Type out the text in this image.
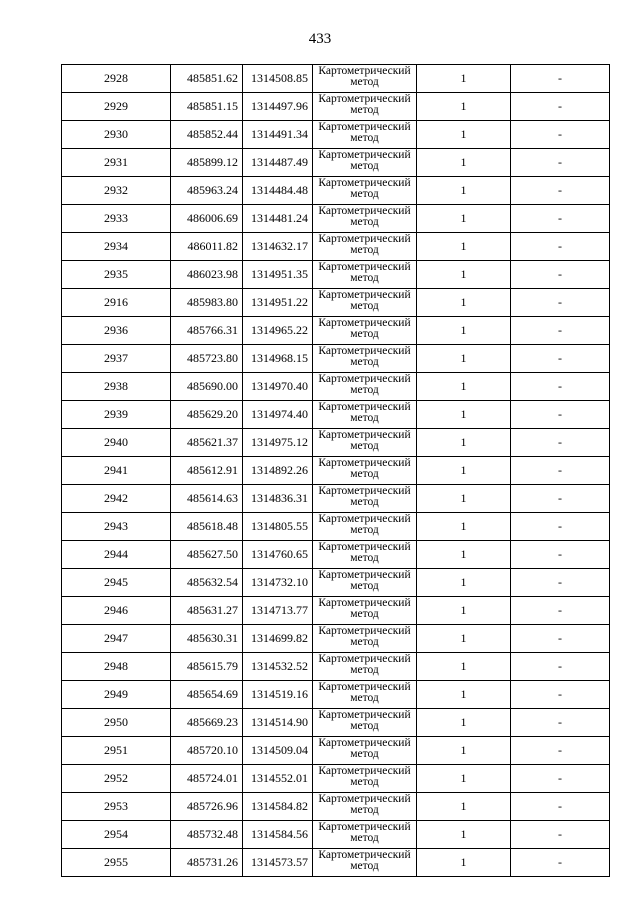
433
2928	485851.62	1314508.85	Картометрический метод	1	-
2929	485851.15	1314497.96	Картометрический метод	1	-
2930	485852.44	1314491.34	Картометрический метод	1	-
2931	485899.12	1314487.49	Картометрический метод	1	-
2932	485963.24	1314484.48	Картометрический метод	1	-
2933	486006.69	1314481.24	Картометрический метод	1	-
2934	486011.82	1314632.17	Картометрический метод	1	-
2935	486023.98	1314951.35	Картометрический метод	1	-
2916	485983.80	1314951.22	Картометрический метод	1	-
2936	485766.31	1314965.22	Картометрический метод	1	-
2937	485723.80	1314968.15	Картометрический метод	1	-
2938	485690.00	1314970.40	Картометрический метод	1	-
2939	485629.20	1314974.40	Картометрический метод	1	-
2940	485621.37	1314975.12	Картометрический метод	1	-
2941	485612.91	1314892.26	Картометрический метод	1	-
2942	485614.63	1314836.31	Картометрический метод	1	-
2943	485618.48	1314805.55	Картометрический метод	1	-
2944	485627.50	1314760.65	Картометрический метод	1	-
2945	485632.54	1314732.10	Картометрический метод	1	-
2946	485631.27	1314713.77	Картометрический метод	1	-
2947	485630.31	1314699.82	Картометрический метод	1	-
2948	485615.79	1314532.52	Картометрический метод	1	-
2949	485654.69	1314519.16	Картометрический метод	1	-
2950	485669.23	1314514.90	Картометрический метод	1	-
2951	485720.10	1314509.04	Картометрический метод	1	-
2952	485724.01	1314552.01	Картометрический метод	1	-
2953	485726.96	1314584.82	Картометрический метод	1	-
2954	485732.48	1314584.56	Картометрический метод	1	-
2955	485731.26	1314573.57	Картометрический метод	1	-
